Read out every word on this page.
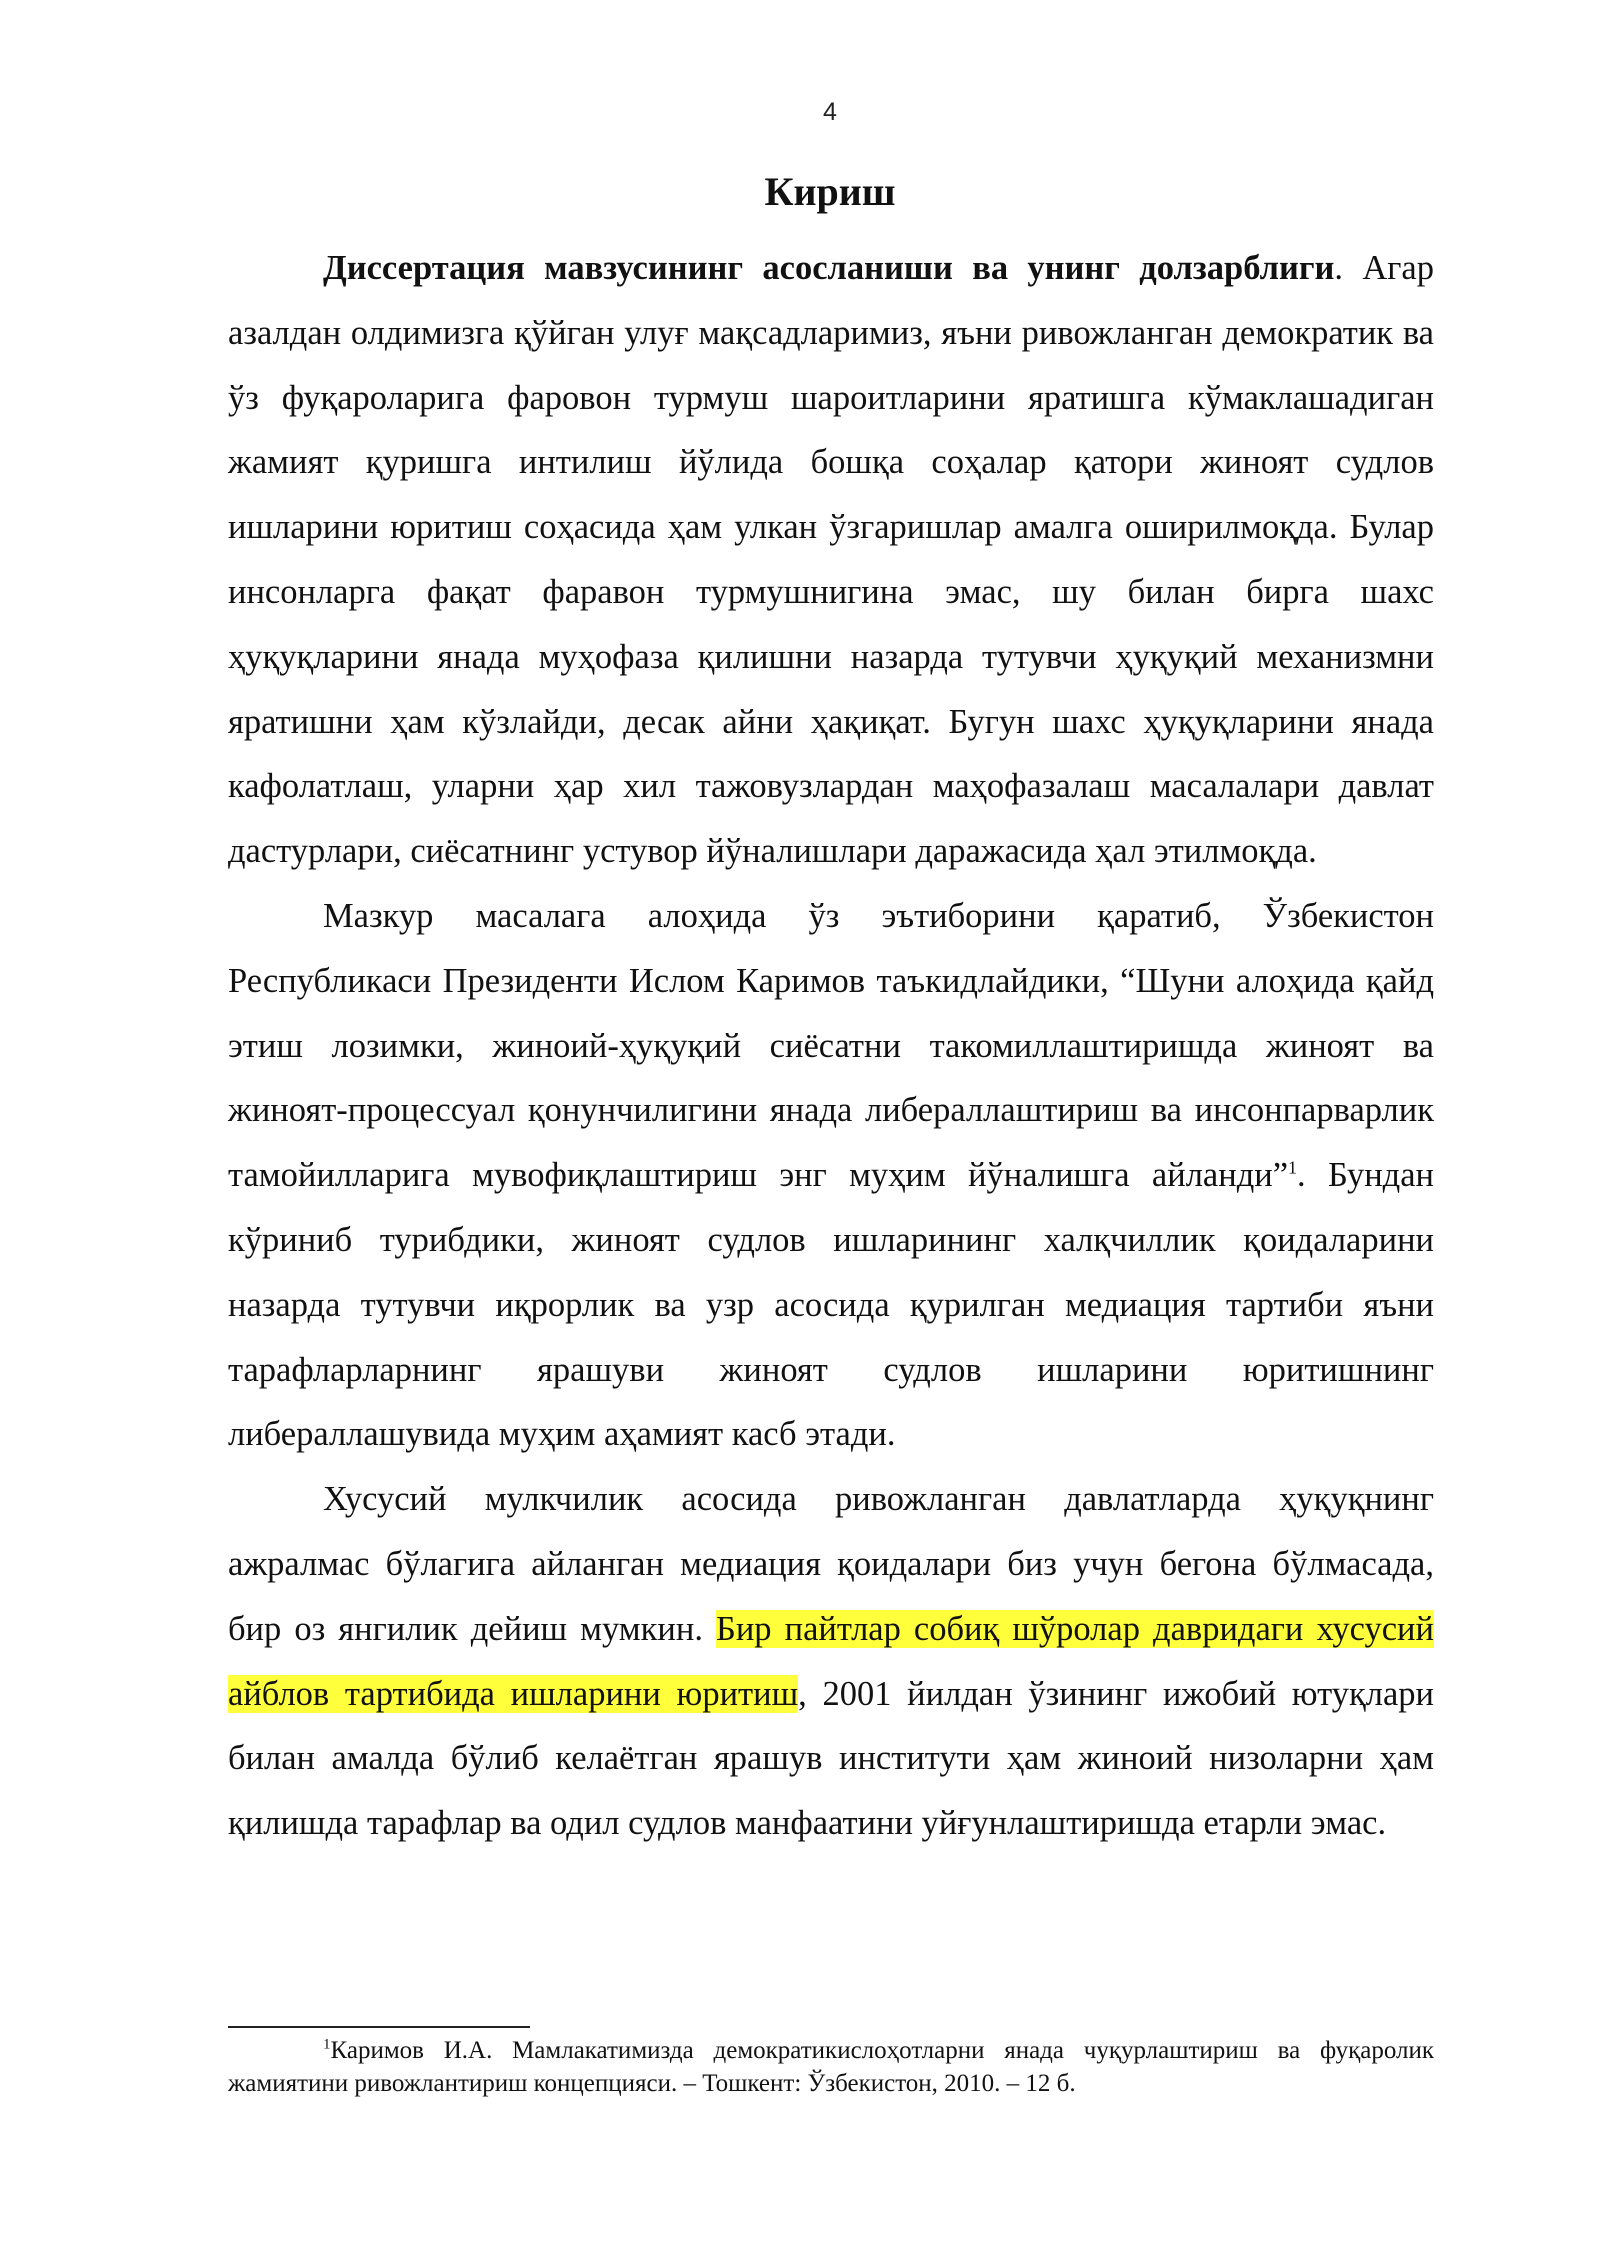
4
Кириш

Диссертация мавзусининг асосланиши ва унинг долзарблиги. Агар азалдан олдимизга қўйган улуғ мақсадларимиз, яъни ривожланган демократик ва ўз фуқароларига фаровон турмуш шароитларини яратишга кўмаклашадиган жамият қуришга интилиш йўлида бошқа соҳалар қатори жиноят судлов ишларини юритиш соҳасида ҳам улкан ўзгаришлар амалга оширилмоқда. Булар инсонларга фақат фаравон турмушнигина эмас, шу билан бирга шахс ҳуқуқларини янада муҳофаза қилишни назарда тутувчи ҳуқуқий механизмни яратишни ҳам кўзлайди, десак айни ҳақиқат. Бугун шахс ҳуқуқларини янада кафолатлаш, уларни ҳар хил тажовузлардан маҳофазалаш масалалари давлат дастурлари, сиёсатнинг устувор йўналишлари даражасида ҳал этилмоқда.

Мазкур масалага алоҳида ўз эътиборини қаратиб, Ўзбекистон Республикаси Президенти Ислом Каримов таъкидлайдики, “Шуни алоҳида қайд этиш лозимки, жиноий-ҳуқуқий сиёсатни такомиллаштиришда жиноят ва жиноят-процессуал қонунчилигини янада либераллаштириш ва инсонпарварлик тамойилларига мувофиқлаштириш энг муҳим йўналишга айланди”$^1$. Бундан кўриниб турибдики, жиноят судлов ишларининг халқчиллик қоидаларини назарда тутувчи иқрорлик ва узр асосида қурилган медиация тартиби яъни тарафларларнинг ярашуви жиноят судлов ишларини юритишнинг либераллашувида муҳим аҳамият касб этади.

Хусусий мулкчилик асосида ривожланган давлатларда ҳуқуқнинг ажралмас бўлагига айланган медиация қоидалари биз учун бегона бўлмасада, бир оз янгилик дейиш мумкин. Бир пайтлар собиқ шўролар давридаги хусусий айблов тартибида ишларини юритиш, 2001 йилдан ўзининг ижобий ютуқлари билан амалда бўлиб келаётган ярашув институти ҳам жиноий низоларни ҳам қилишда тарафлар ва одил судлов манфаатини уйғунлаштиришда етарли эмас.

$^1$Каримов И.А. Мамлакатимизда демократикислоҳотларни янада чуқурлаштириш ва фуқаролик жамиятини ривожлантириш концепцияси. – Тошкент: Ўзбекистон, 2010. – 12 б.
